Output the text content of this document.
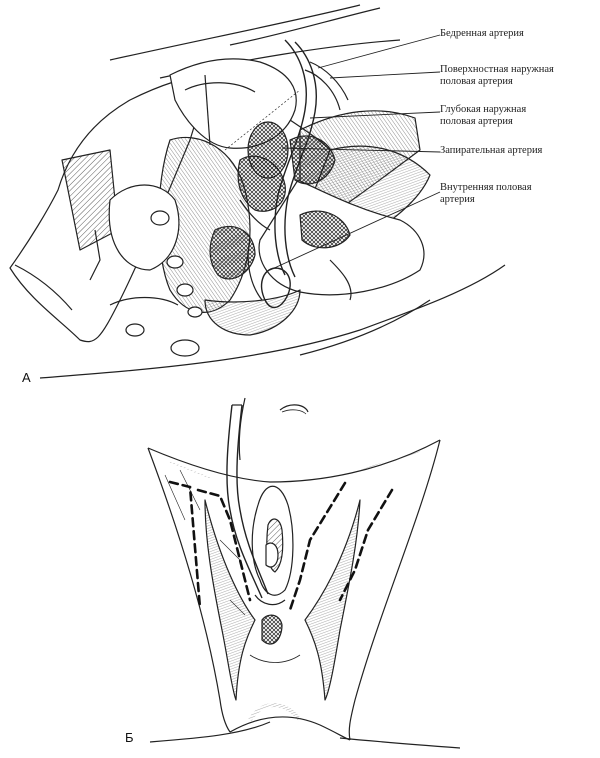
Бедренная артерия
Поверхностная наружная
половая артерия
Глубокая наружная
половая артерия
Запирательная артерия
Внутренняя половая
артерия
А
Б
